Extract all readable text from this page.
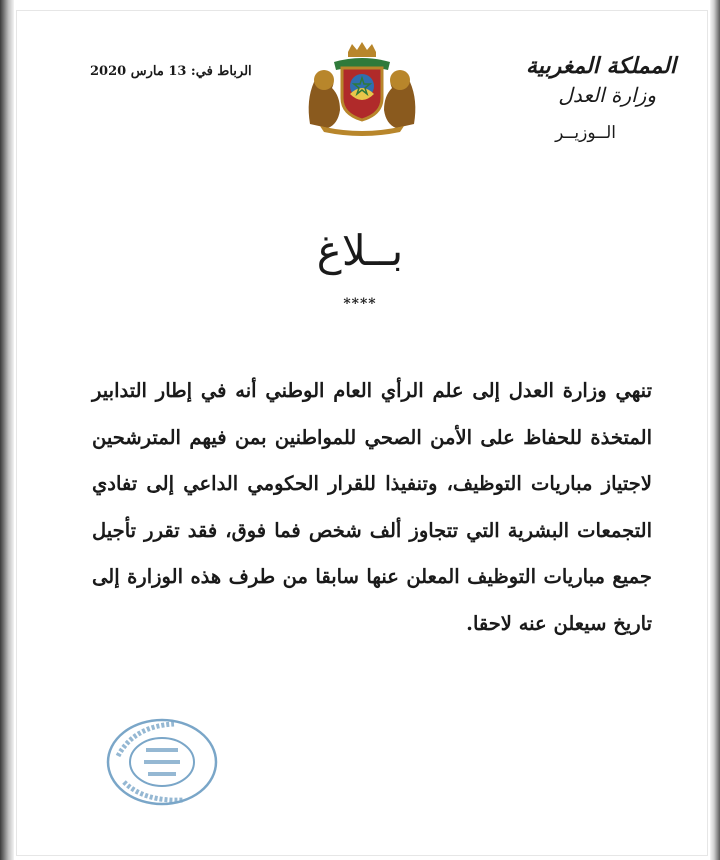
المملكة المغربية
وزارة العدل
الــوزيــر
الرباط في: 13 مارس 2020
بــلاغ
****
تنهي وزارة العدل إلى علم الرأي العام الوطني أنه في إطار التدابير المتخذة للحفاظ على الأمن الصحي للمواطنين بمن فيهم المترشحين لاجتياز مباريات التوظيف، وتنفيذا للقرار الحكومي الداعي إلى تفادي التجمعات البشرية التي تتجاوز ألف شخص فما فوق، فقد تقرر تأجيل جميع مباريات التوظيف المعلن عنها سابقا من طرف هذه الوزارة إلى تاريخ سيعلن عنه لاحقا.
